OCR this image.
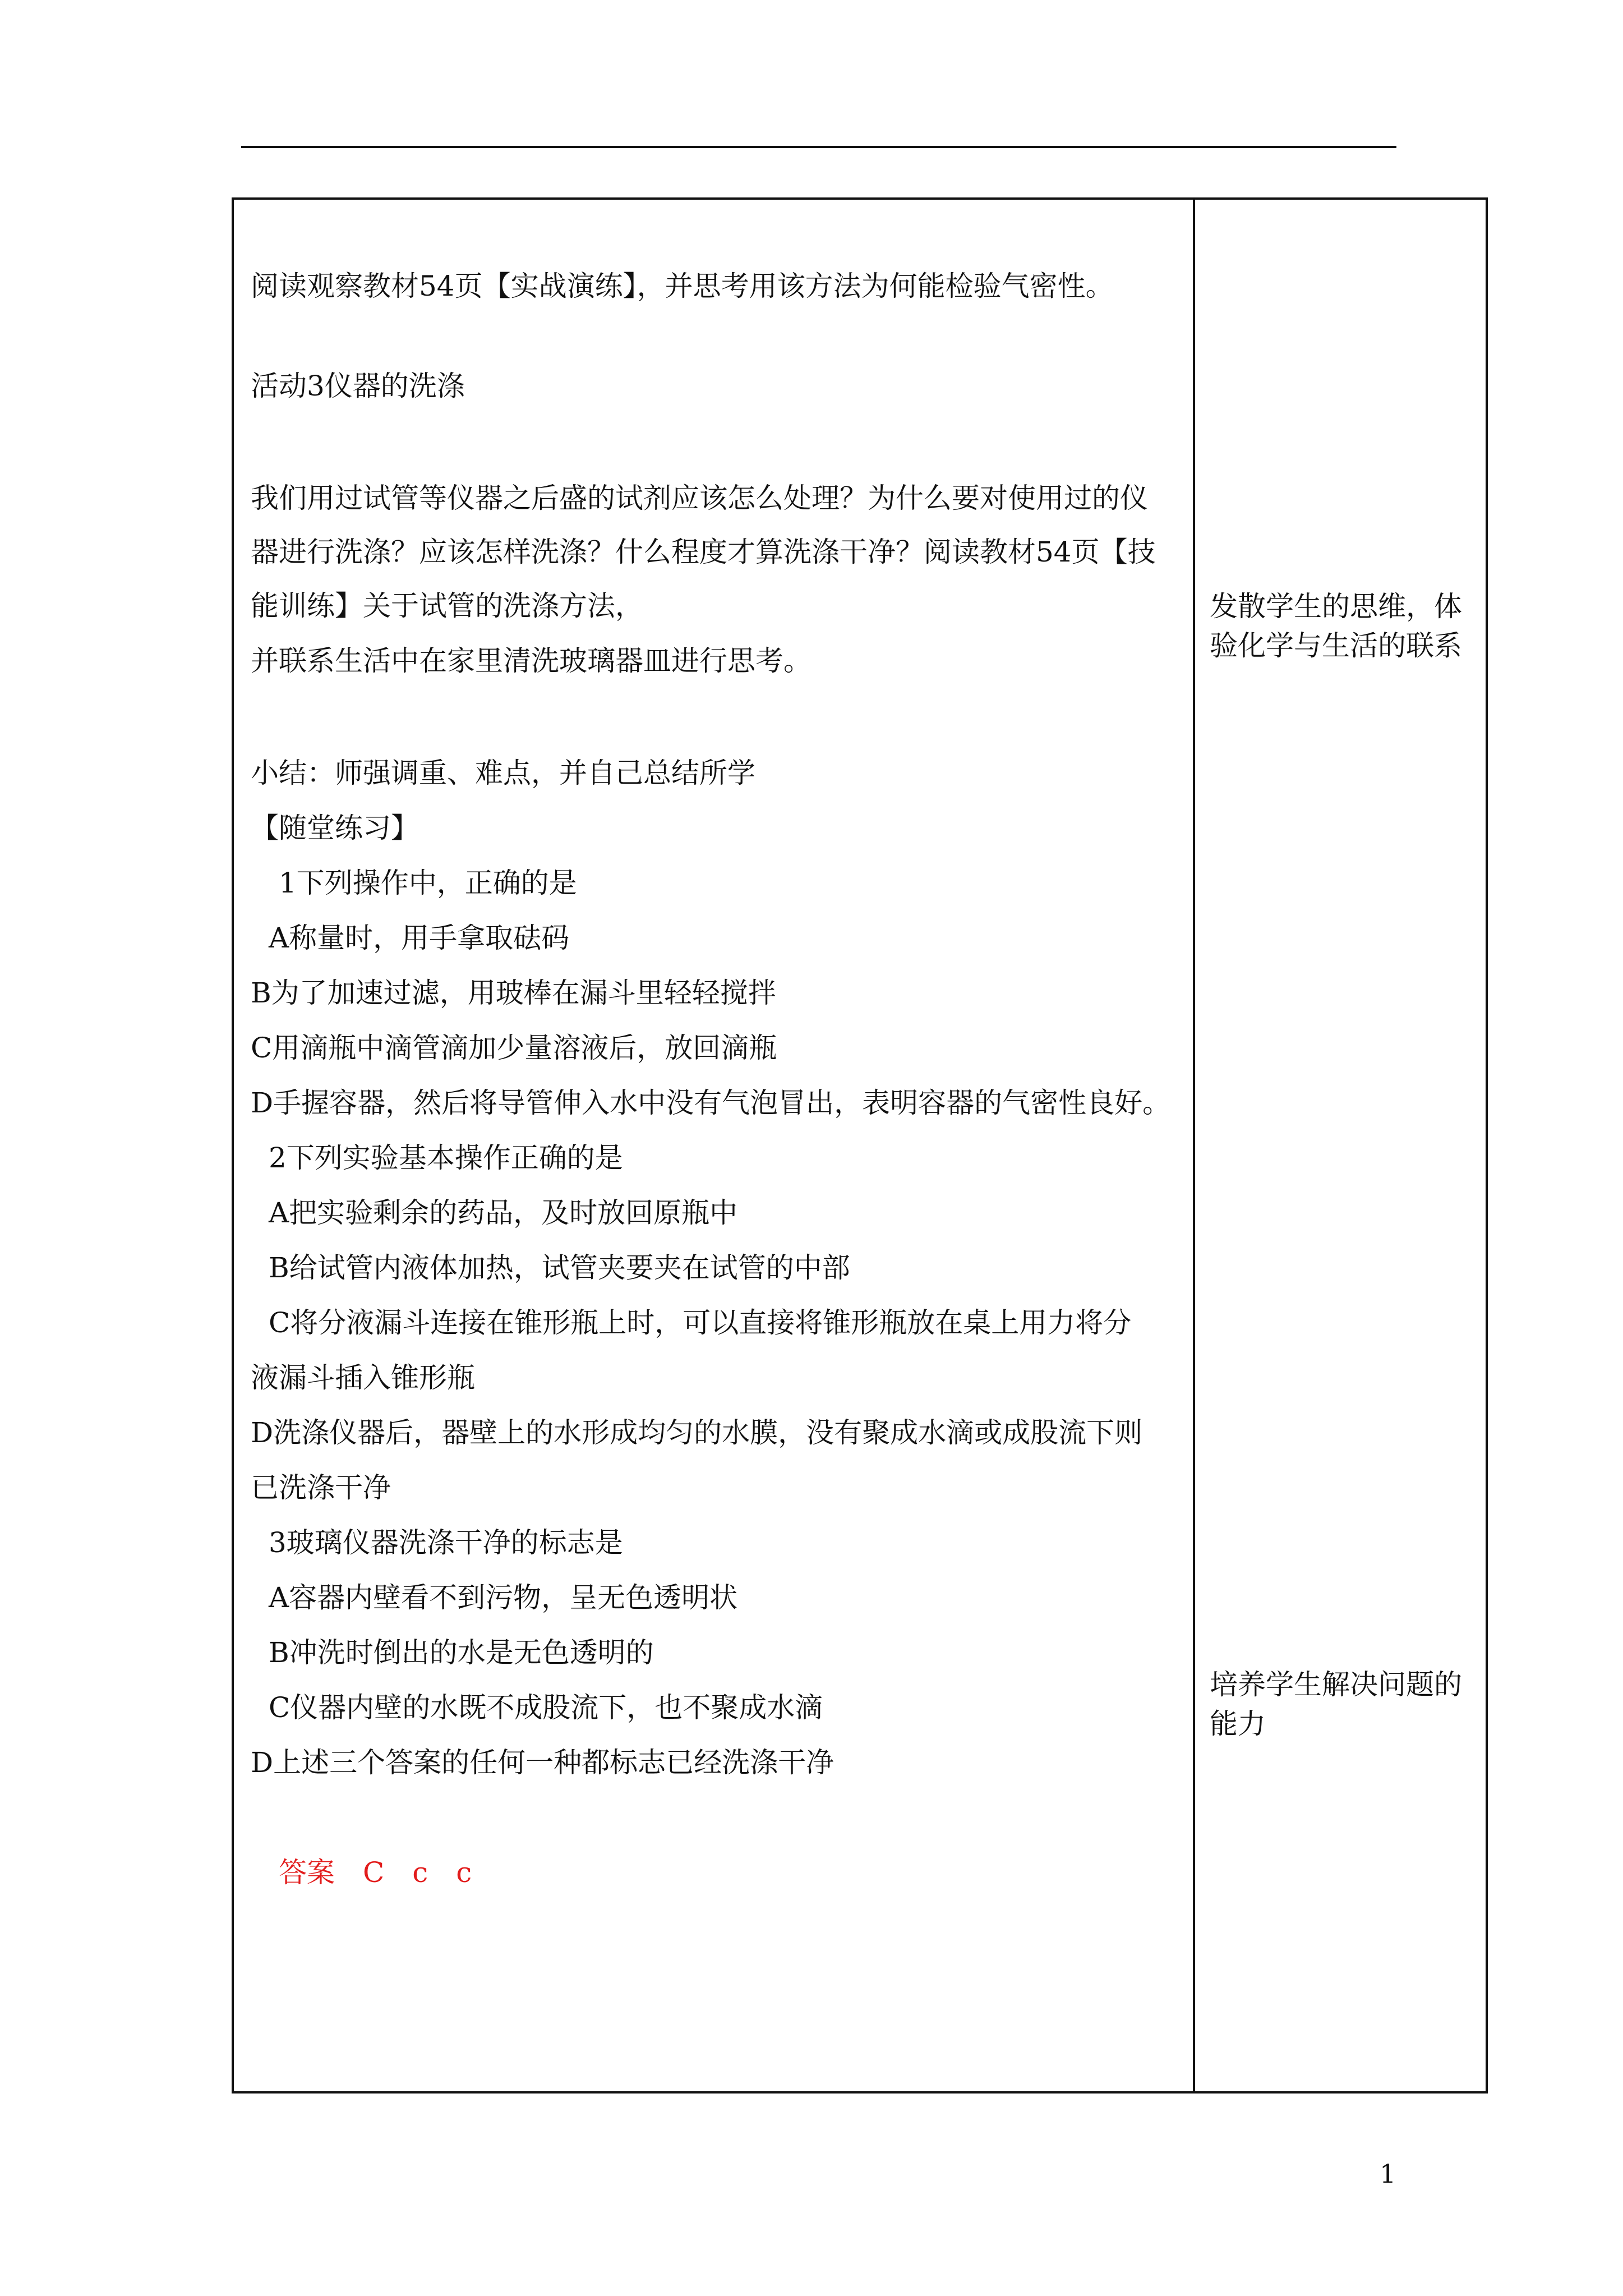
阅读观察教材54页【实战演练】，并思考用该方法为何能检验气密性。
活动3仪器的洗涤
我们用过试管等仪器之后盛的试剂应该怎么处理？为什么要对使用过的仪
器进行洗涤？应该怎样洗涤？什么程度才算洗涤干净？阅读教材54页【技
能训练】关于试管的洗涤方法，
并联系生活中在家里清洗玻璃器皿进行思考。
小结：师强调重、难点，并自己总结所学
【随堂练习】
1下列操作中，正确的是
A称量时，用手拿取砝码
B为了加速过滤，用玻棒在漏斗里轻轻搅拌
C用滴瓶中滴管滴加少量溶液后，放回滴瓶
D手握容器，然后将导管伸入水中没有气泡冒出，表明容器的气密性良好。
2下列实验基本操作正确的是
A把实验剩余的药品，及时放回原瓶中
B给试管内液体加热，试管夹要夹在试管的中部
C将分液漏斗连接在锥形瓶上时，可以直接将锥形瓶放在桌上用力将分
液漏斗插入锥形瓶
D洗涤仪器后，器壁上的水形成均匀的水膜，没有聚成水滴或成股流下则
已洗涤干净
3玻璃仪器洗涤干净的标志是
A容器内壁看不到污物，呈无色透明状
B冲洗时倒出的水是无色透明的
C仪器内壁的水既不成股流下，也不聚成水滴
D上述三个答案的任何一种都标志已经洗涤干净
答案　C　c　c
发散学生的思维，体
验化学与生活的联系
培养学生解决问题的
能力
1
